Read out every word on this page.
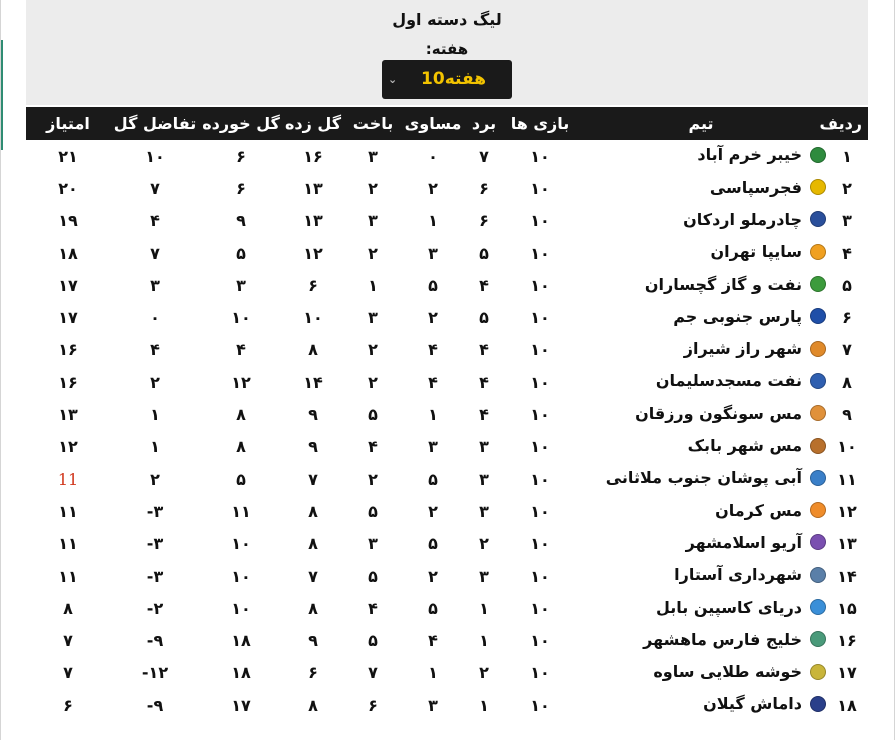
لیگ دسته اول
هفته:
هفته10
⌄
ردیف	تیم	بازی ها	برد	مساوی	باخت	گل زده	گل خورده	تفاضل گل	امتیاز
۱	خیبر خرم آباد	۱۰	۷	۰	۳	۱۶	۶	۱۰	۲۱
۲	فجرسپاسی	۱۰	۶	۲	۲	۱۳	۶	۷	۲۰
۳	چادرملو اردکان	۱۰	۶	۱	۳	۱۳	۹	۴	۱۹
۴	سایپا تهران	۱۰	۵	۳	۲	۱۲	۵	۷	۱۸
۵	نفت و گاز گچساران	۱۰	۴	۵	۱	۶	۳	۳	۱۷
۶	پارس جنوبی جم	۱۰	۵	۲	۳	۱۰	۱۰	۰	۱۷
۷	شهر راز شیراز	۱۰	۴	۴	۲	۸	۴	۴	۱۶
۸	نفت مسجدسلیمان	۱۰	۴	۴	۲	۱۴	۱۲	۲	۱۶
۹	مس سونگون ورزقان	۱۰	۴	۱	۵	۹	۸	۱	۱۳
۱۰	مس شهر بابک	۱۰	۳	۳	۴	۹	۸	۱	۱۲
۱۱	آبی پوشان جنوب ملاثانی	۱۰	۳	۵	۲	۷	۵	۲	11
۱۲	مس کرمان	۱۰	۳	۲	۵	۸	۱۱	۳-	۱۱
۱۳	آریو اسلامشهر	۱۰	۲	۵	۳	۸	۱۰	۳-	۱۱
۱۴	شهرداری آستارا	۱۰	۳	۲	۵	۷	۱۰	۳-	۱۱
۱۵	دریای کاسپین بابل	۱۰	۱	۵	۴	۸	۱۰	۲-	۸
۱۶	خلیج فارس ماهشهر	۱۰	۱	۴	۵	۹	۱۸	۹-	۷
۱۷	خوشه طلایی ساوه	۱۰	۲	۱	۷	۶	۱۸	۱۲-	۷
۱۸	داماش گیلان	۱۰	۱	۳	۶	۸	۱۷	۹-	۶
